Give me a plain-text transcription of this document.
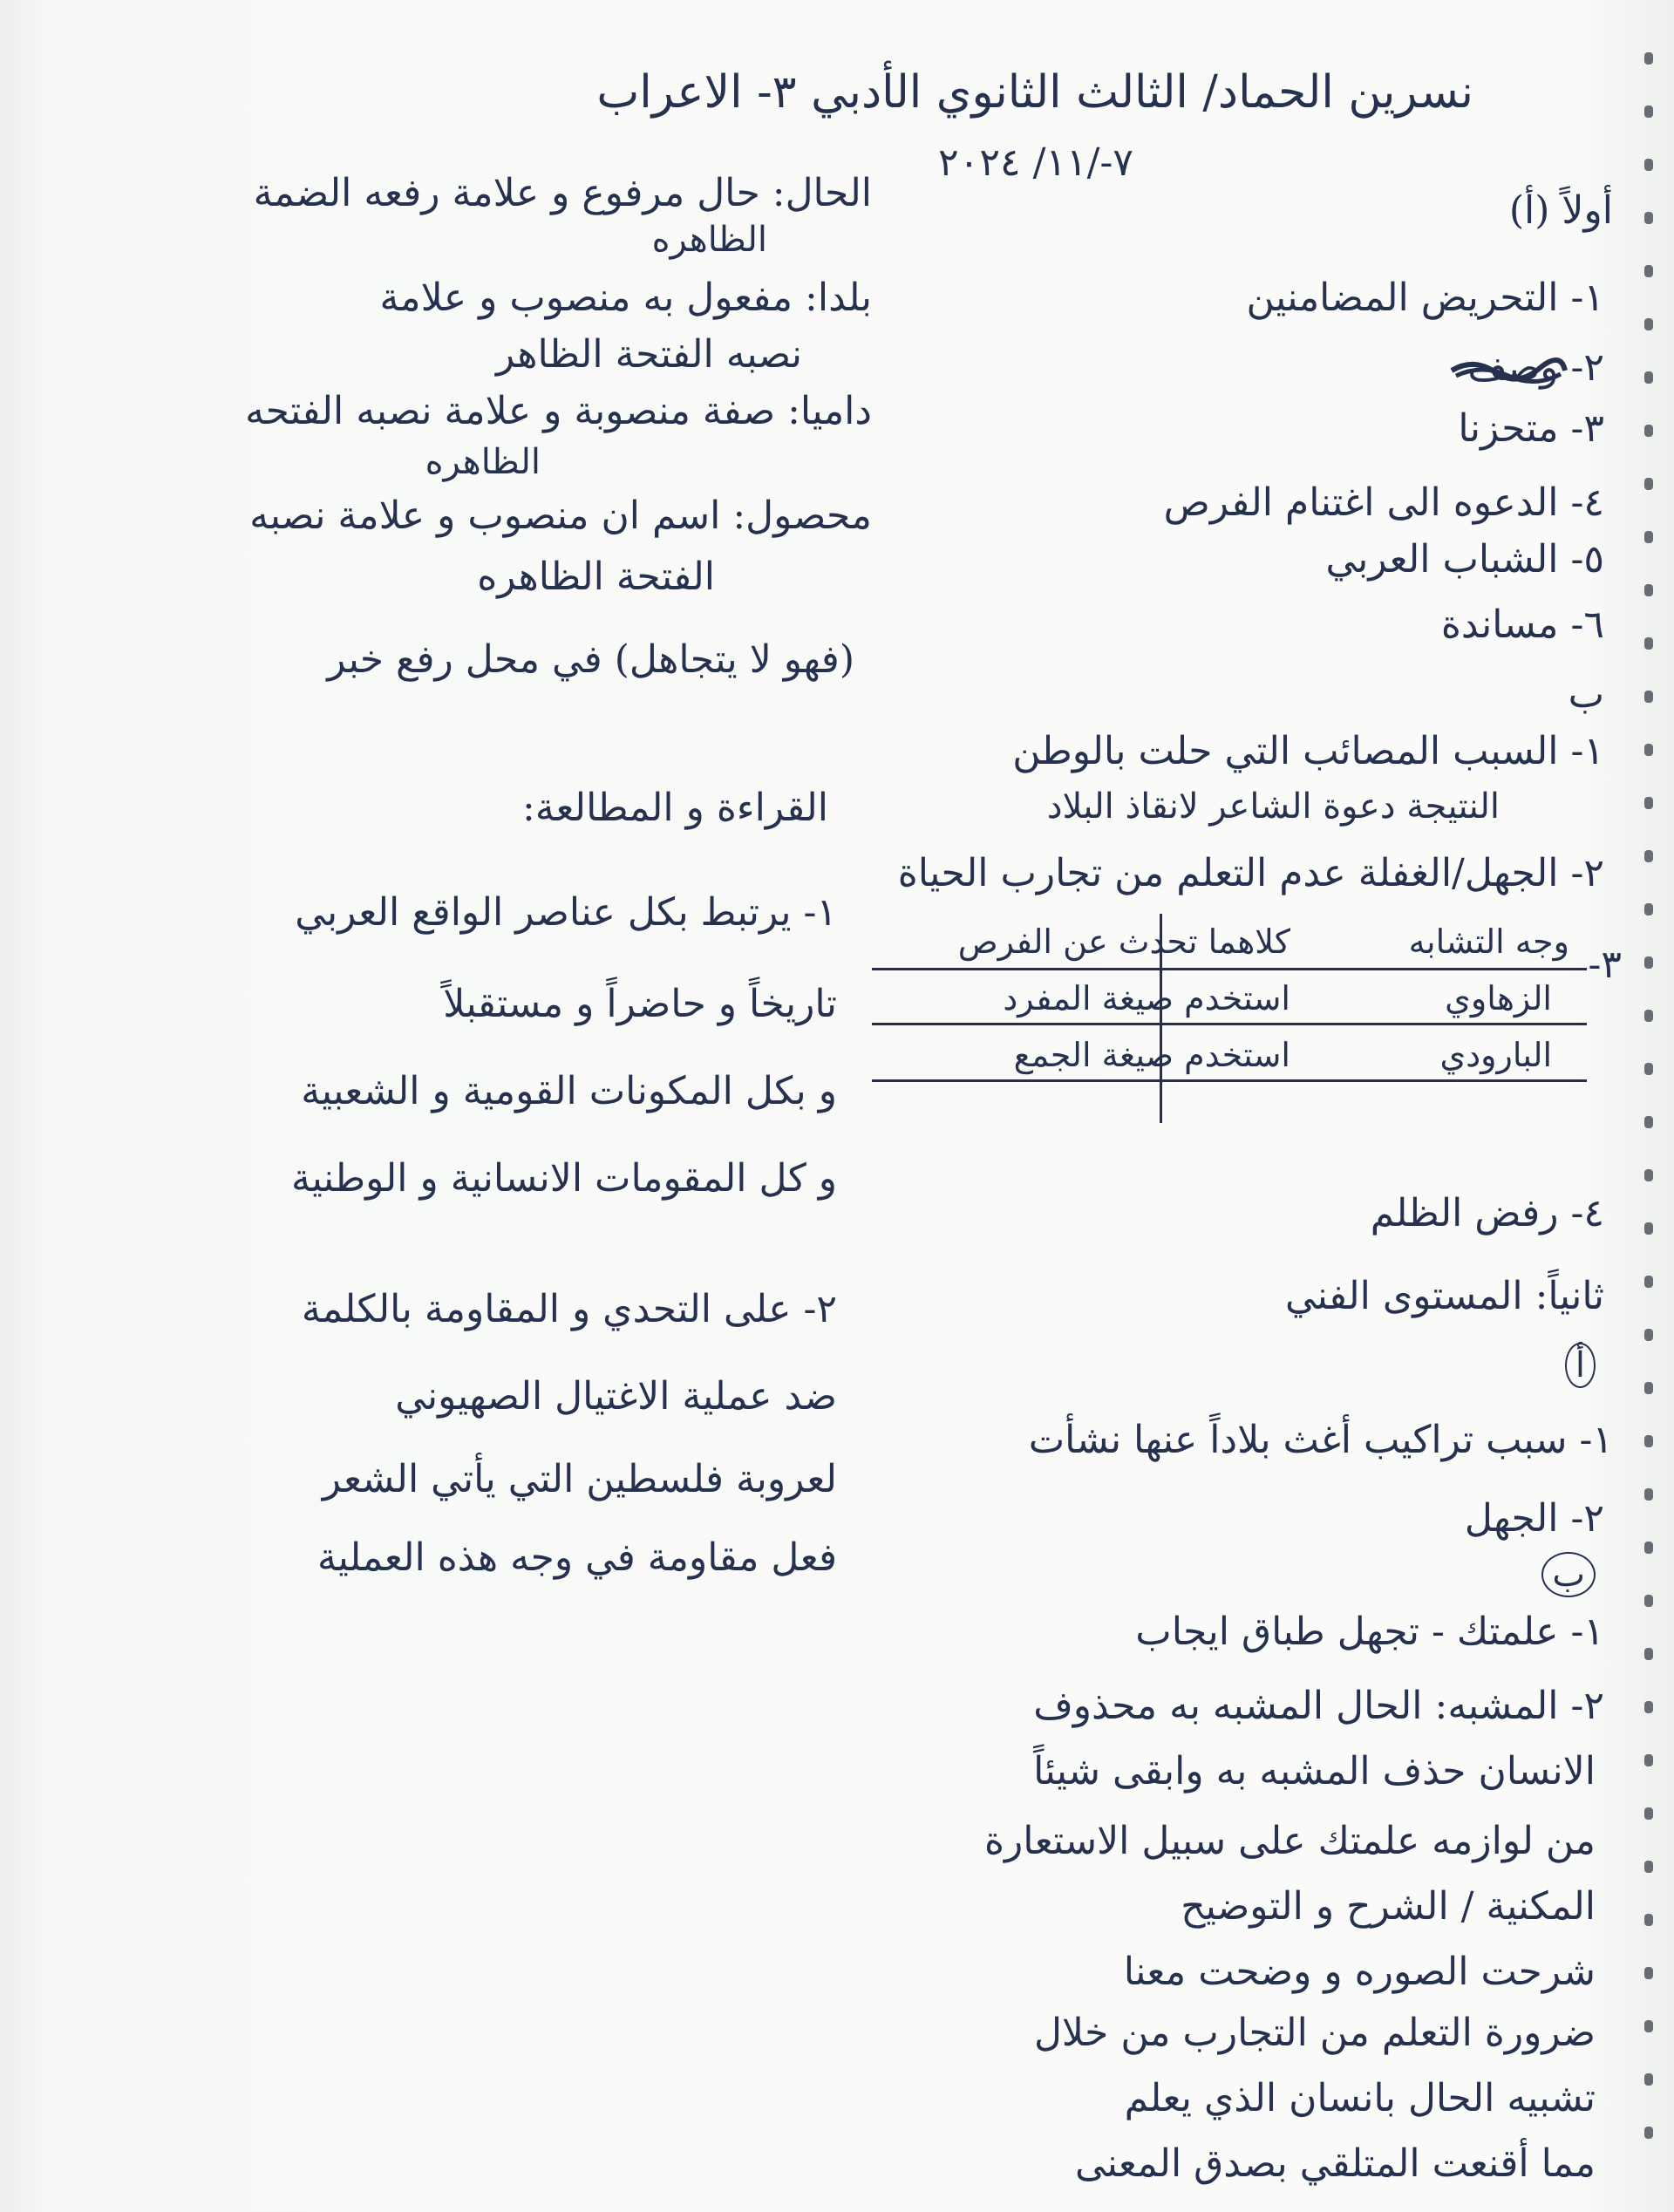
نسرين الحماد/ الثالث الثانوي الأدبي ٣- الاعراب
٧-/١١/ ٢٠٢٤
الحال: حال مرفوع و علامة رفعه الضمة
الظاهره
بلدا: مفعول به منصوب و علامة
نصبه الفتحة الظاهر
داميا: صفة منصوبة و علامة نصبه الفتحه
الظاهره
محصول: اسم ان منصوب و علامة نصبه
الفتحة الظاهره
(فهو لا يتجاهل) في محل رفع خبر
القراءة و المطالعة:
١- يرتبط بكل عناصر الواقع العربي
تاريخاً و حاضراً و مستقبلاً
و بكل المكونات القومية و الشعبية
و كل المقومات الانسانية و الوطنية
٢- على التحدي و المقاومة بالكلمة
ضد عملية الاغتيال الصهيوني
لعروبة فلسطين التي يأتي الشعر
فعل مقاومة في وجه هذه العملية
أولاً (أ)
١- التحريض المضامنين
٢- وصف
٣- متحزنا
٤- الدعوه الى اغتنام الفرص
٥- الشباب العربي
٦- مساندة
ب
١- السبب المصائب التي حلت بالوطن
النتيجة دعوة الشاعر لانقاذ البلاد
٢- الجهل/الغفلة عدم التعلم من تجارب الحياة
٣-
وجه التشابه
كلاهما تحدث عن الفرص
الزهاوي
استخدم صيغة المفرد
البارودي
استخدم صيغة الجمع
٤- رفض الظلم
ثانياً: المستوى الفني
أ
١- سبب تراكيب أغث بلاداً عنها نشأت
٢- الجهل
ب
١- علمتك - تجهل طباق ايجاب
٢- المشبه: الحال المشبه به محذوف
الانسان حذف المشبه به وابقى شيئاً
من لوازمه علمتك على سبيل الاستعارة
المكنية / الشرح و التوضيح
شرحت الصوره و وضحت معنا
ضرورة التعلم من التجارب من خلال
تشبيه الحال بانسان الذي يعلم
مما أقنعت المتلقي بصدق المعنى
